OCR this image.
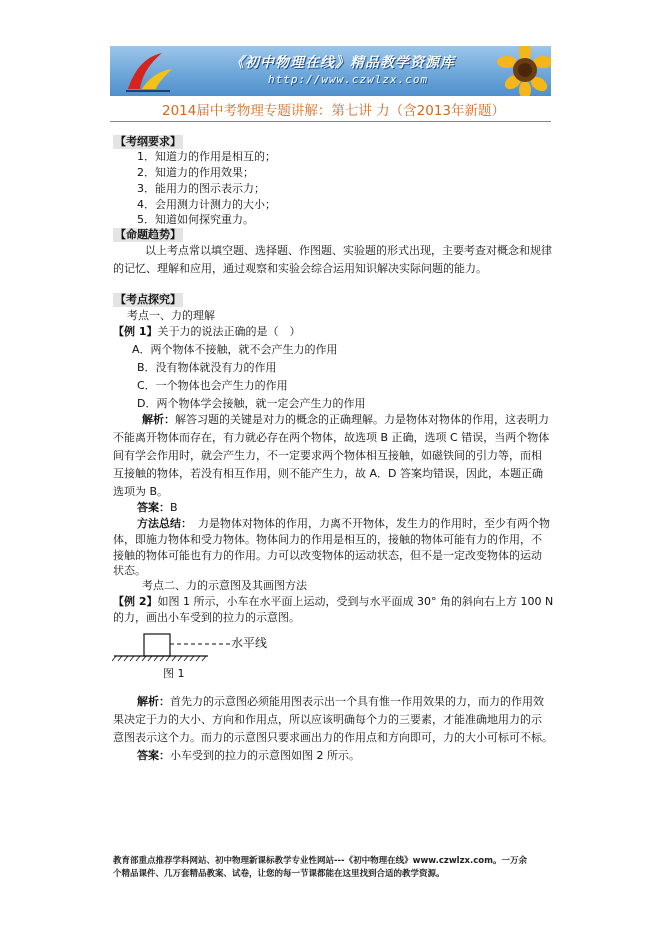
《初中物理在线》精品教学资源库
http://www.czwlzx.com
2014届中考物理专题讲解：第七讲 力（含2013年新题）
【考纲要求】
1．知道力的作用是相互的；
2．知道力的作用效果；
3．能用力的图示表示力；
4．会用测力计测力的大小；
5．知道如何探究重力。
【命题趋势】
以上考点常以填空题、选择题、作图题、实验题的形式出现，主要考查对概念和规律
的记忆、理解和应用，通过观察和实验会综合运用知识解决实际问题的能力。
【考点探究】
考点一、力的理解
【例 1】关于力的说法正确的是（　）
A．两个物体不接触，就不会产生力的作用
B．没有物体就没有力的作用
C．一个物体也会产生力的作用
D．两个物体学会接触，就一定会产生力的作用
解析：解答习题的关键是对力的概念的正确理解。力是物体对物体的作用，这表明力
不能离开物体而存在，有力就必存在两个物体，故选项 B 正确，选项 C 错误，当两个物体
间有学会作用时，就会产生力，不一定要求两个物体相互接触，如磁铁间的引力等，而相
互接触的物体，若没有相互作用，则不能产生力，故 A．D 答案均错误，因此，本题正确
选项为 B。
答案：B
方法总结： 力是物体对物体的作用，力离不开物体，发生力的作用时，至少有两个物
体，即施力物体和受力物体。物体间力的作用是相互的，接触的物体可能有力的作用，不
接触的物体可能也有力的作用。力可以改变物体的运动状态，但不是一定改变物体的运动
状态。
考点二、力的示意图及其画图方法
【例 2】如图 1 所示，小车在水平面上运动，受到与水平面成 30° 角的斜向右上方 100 N
的力，画出小车受到的拉力的示意图。
水平线
图 1
解析：首先力的示意图必须能用图表示出一个具有惟一作用效果的力，而力的作用效
果决定于力的大小、方向和作用点，所以应该明确每个力的三要素，才能准确地用力的示
意图表示这个力。而力的示意图只要求画出力的作用点和方向即可，力的大小可标可不标。
答案：小车受到的拉力的示意图如图 2 所示。
教育部重点推荐学科网站、初中物理新课标教学专业性网站---《初中物理在线》www.czwlzx.com。一万余
个精品课件、几万套精品教案、试卷，让您的每一节课都能在这里找到合适的教学资源。
